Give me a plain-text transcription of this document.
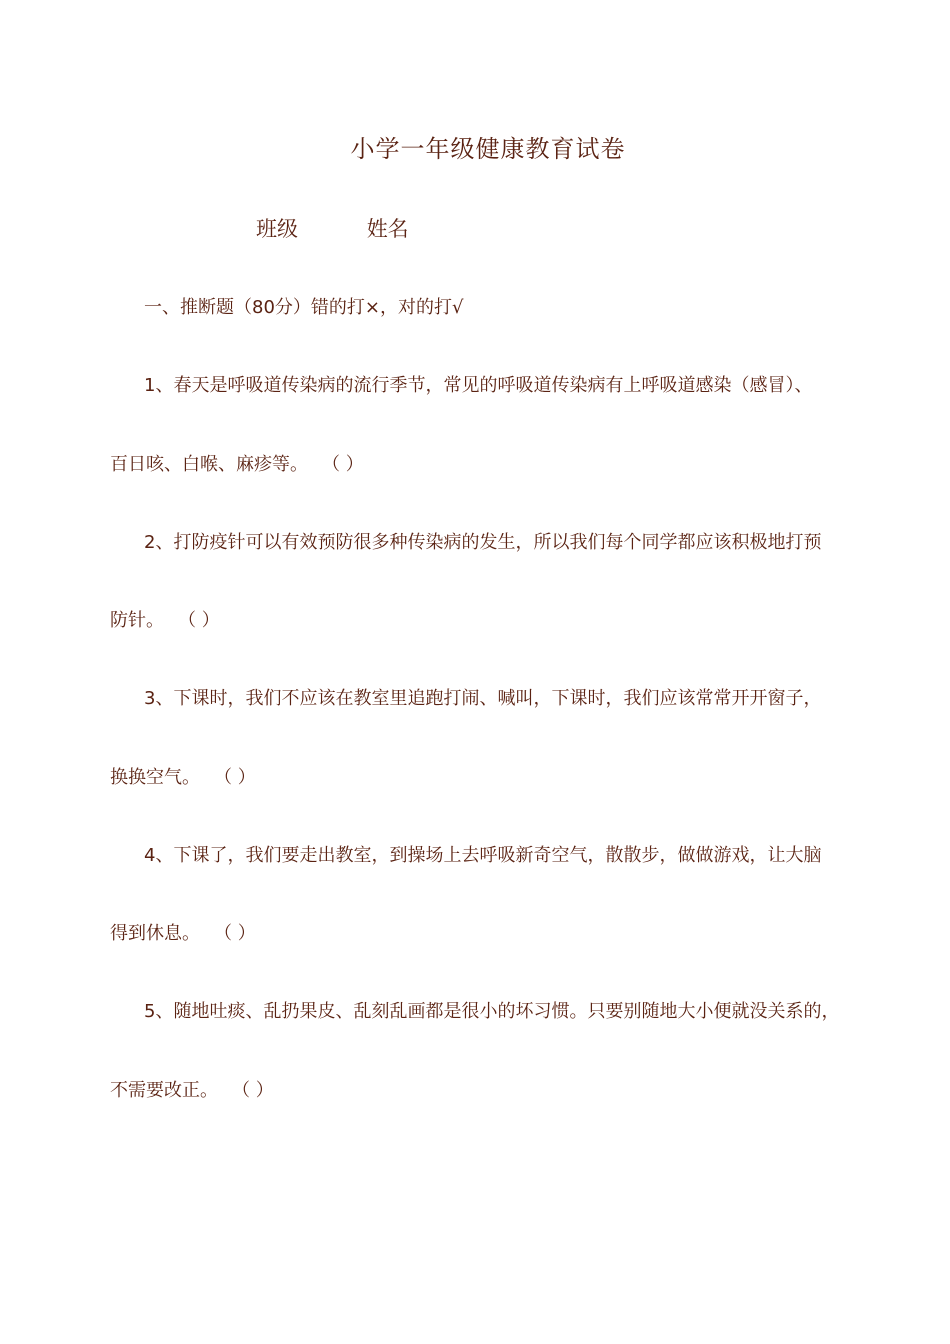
小学一年级健康教育试卷
班级	姓名
一、推断题（80分）错的打×，对的打√
1、春天是呼吸道传染病的流行季节，常见的呼吸道传染病有上呼吸道感染（感冒）、
百日咳、白喉、麻疹等。 （ ）
2、打防疫针可以有效预防很多种传染病的发生，所以我们每个同学都应该积极地打预
防针。 （ ）
3、下课时，我们不应该在教室里追跑打闹、喊叫，下课时，我们应该常常开开窗子，
换换空气。 （ ）
4、下课了，我们要走出教室，到操场上去呼吸新奇空气，散散步，做做游戏，让大脑
得到休息。 （ ）
5、随地吐痰、乱扔果皮、乱刻乱画都是很小的坏习惯。只要别随地大小便就没关系的，
不需要改正。 （ ）
